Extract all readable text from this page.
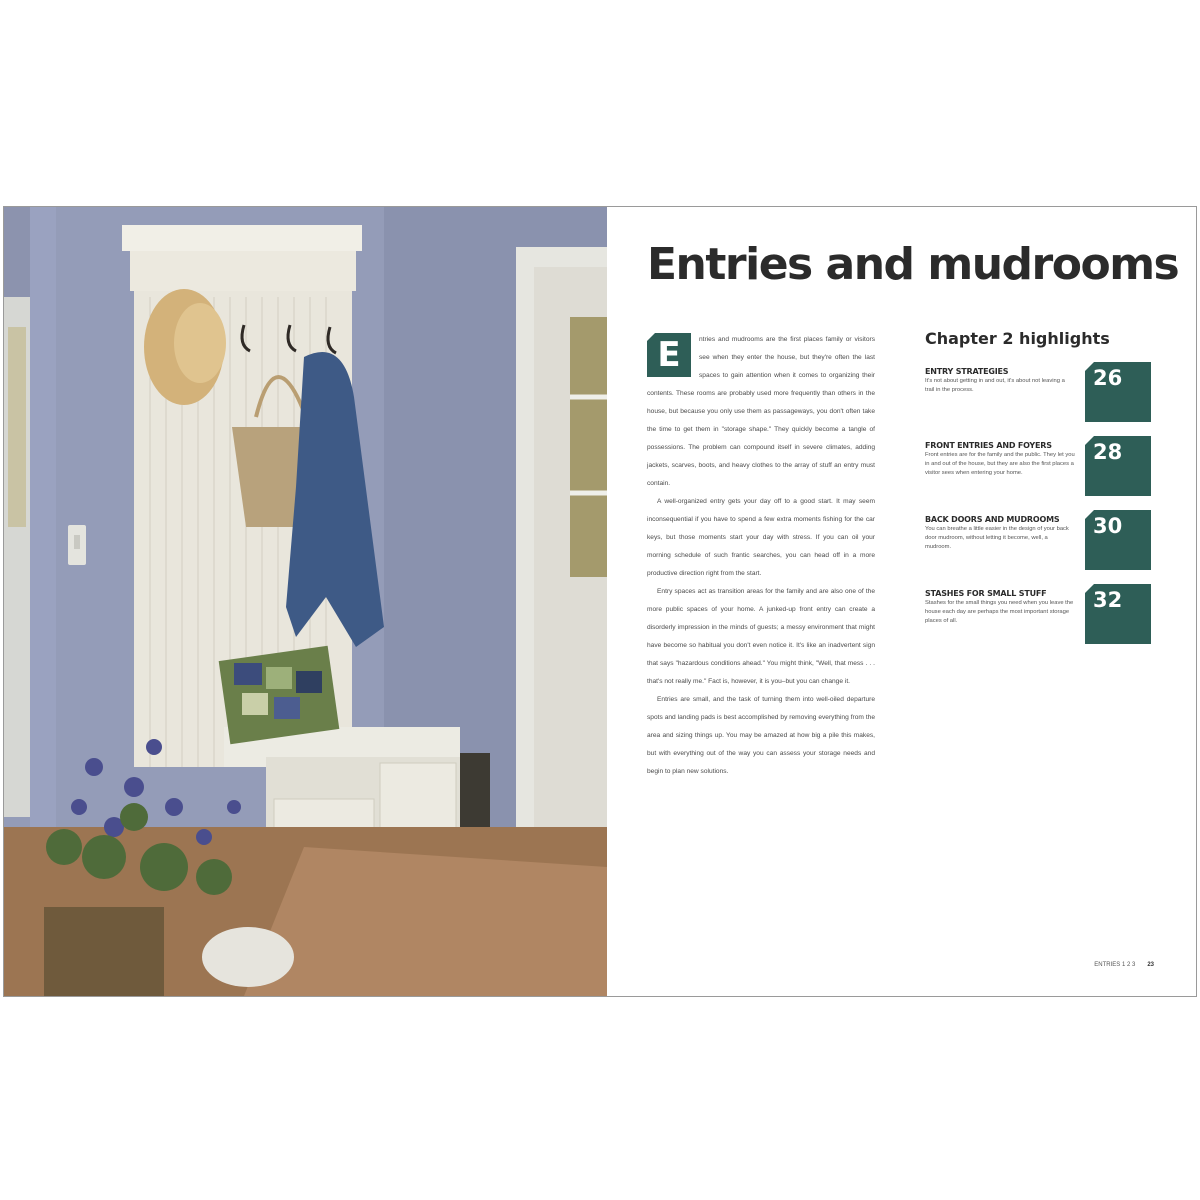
Entries and mudrooms

E	ntries and mudrooms are the first places family or visitors see when they enter the house, but they're often the last spaces to gain attention when it comes to organizing their contents. These rooms are probably used more frequently than others in the house, but because you only use them as passageways, you don't often take the time to get them in "storage shape." They quickly become a tangle of possessions. The problem can compound itself in severe climates, adding jackets, scarves, boots, and heavy clothes to the array of stuff an entry must contain.

A well-organized entry gets your day off to a good start. It may seem inconsequential if you have to spend a few extra moments fishing for the car keys, but those moments start your day with stress. If you can oil your morning schedule of such frantic searches, you can head off in a more productive direction right from the start.

Entry spaces act as transition areas for the family and are also one of the more public spaces of your home. A junked-up front entry can create a disorderly impression in the minds of guests; a messy environment that might have become so habitual you don't even notice it. It's like an inadvertent sign that says "hazardous conditions ahead." You might think, "Well, that mess . . . that's not really me." Fact is, however, it is you–but you can change it.

Entries are small, and the task of turning them into well-oiled departure spots and landing pads is best accomplished by removing everything from the area and sizing things up. You may be amazed at how big a pile this makes, but with everything out of the way you can assess your storage needs and begin to plan new solutions.

Chapter 2 highlights
ENTRY STRATEGIES
It's not about getting in and out, it's about not leaving a trail in the process.	26
FRONT ENTRIES AND FOYERS
Front entries are for the family and the public. They let you in and out of the house, but they are also the first places a visitor sees when entering your home.
28
BACK DOORS AND MUDROOMS
You can breathe a little easier in the design of your back door mudroom, without letting it become, well, a mudroom.
30
STASHES FOR SMALL STUFF
Stashes for the small things you need when you leave the house each day are perhaps the most important storage places of all.
32
ENTRIES 1 2 3 23
